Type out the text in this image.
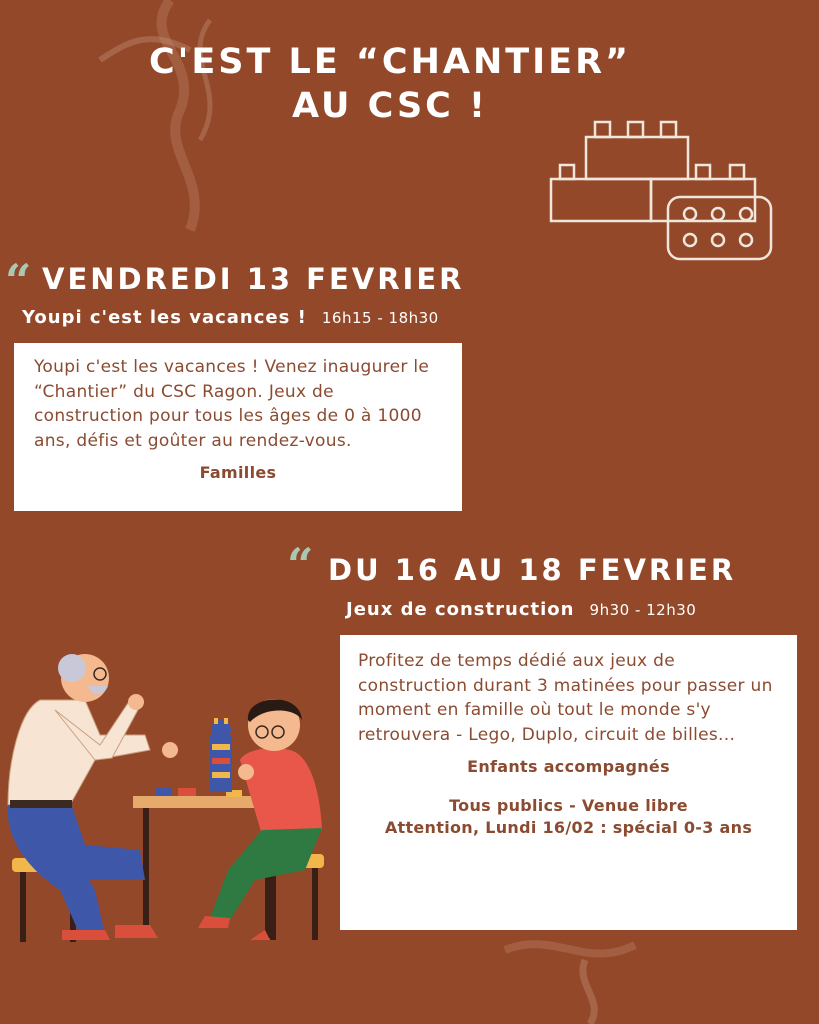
C'EST LE “CHANTIER”
AU CSC !
“ VENDREDI 13 FEVRIER
Youpi c'est les vacances ! 16h15 - 18h30

Youpi c'est les vacances ! Venez inaugurer le “Chantier” du CSC Ragon. Jeux de construction pour tous les âges de 0 à 1000 ans, défis et goûter au rendez-vous.

Familles
“ DU 16 AU 18 FEVRIER
Jeux de construction 9h30 - 12h30

Profitez de temps dédié aux jeux de construction durant 3 matinées pour passer un moment en famille où tout le monde s'y retrouvera - Lego, Duplo, circuit de billes...

Enfants accompagnés
Tous publics - Venue libre
Attention, Lundi 16/02 : spécial 0-3 ans
